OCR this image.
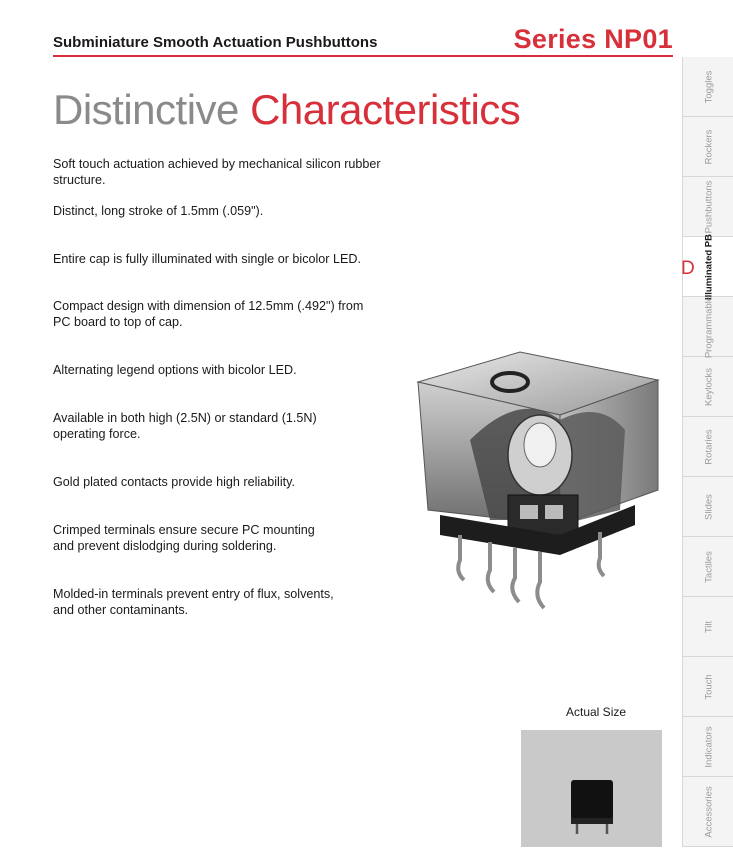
Subminiature Smooth Actuation Pushbuttons	Series NP01
Distinctive Characteristics

Soft touch actuation achieved by mechanical silicon rubber structure.

Distinct, long stroke of 1.5mm (.059").

Entire cap is fully illuminated with single or bicolor LED.

Compact design with dimension of 12.5mm (.492") from PC board to top of cap.

Alternating legend options with bicolor LED.

Available in both high (2.5N) or standard (1.5N) operating force.

Gold plated contacts provide high reliability.

Crimped terminals ensure secure PC mounting and prevent dislodging during soldering.

Molded-in terminals prevent entry of flux, solvents, and other contaminants.

Actual Size
Toggles
Rockers
Pushbuttons
Illuminated PB
Programmable
Keylocks
Rotaries
Slides
Tactiles
Tilt
Touch
Indicators
Accessories
D
